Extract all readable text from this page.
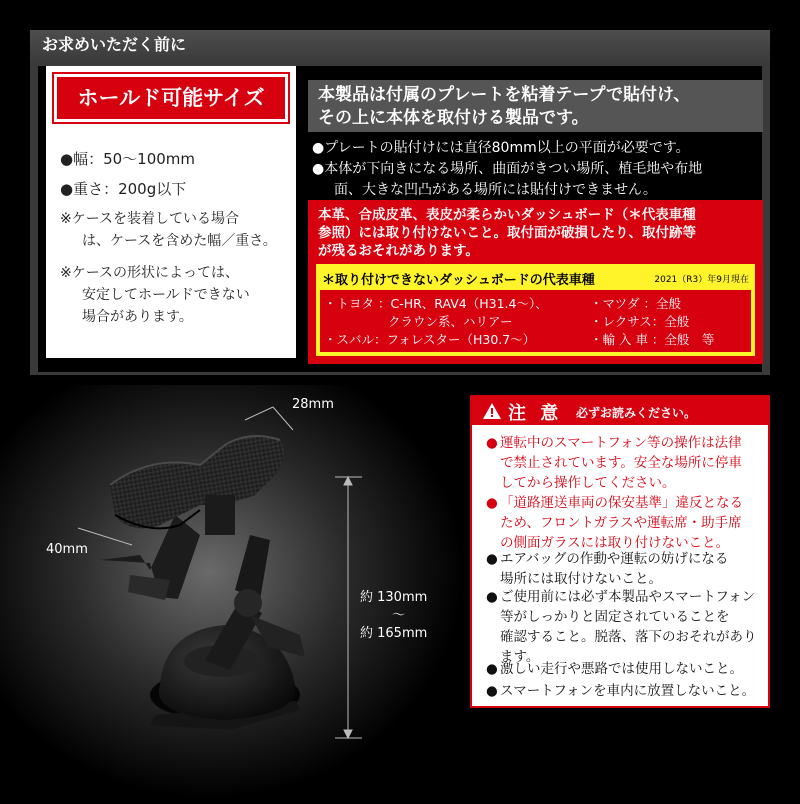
お求めいただく前に
ホールド可能サイズ
●幅：50〜100mm
●重さ：200g以下
※ケースを装着している場合
は、ケースを含めた幅／重さ。
※ケースの形状によっては、
安定してホールドできない
場合があります。
本製品は付属のプレートを粘着テープで貼付け、
その上に本体を取付ける製品です。
●プレートの貼付けには直径80mm以上の平面が必要です。
●本体が下向きになる場所、曲面がきつい場所、植毛地や布地
面、大きな凹凸がある場所には貼付けできません。
本革、合成皮革、表皮が柔らかいダッシュボード（＊代表車種
参照）には取り付けないこと。取付面が破損したり、取付跡等
が残るおそれがあります。
＊取り付けできないダッシュボードの代表車種	2021（R3）年9月現在
・トヨタ ：C-HR、RAV4（H31.4〜）、
クラウン系、ハリアー
・スバル：フォレスター（H30.7〜）
・マツダ ：全般
・レクサス：全般
・輸 入 車 ：全般　等
28mm
40mm
約 130mm
〜
約 165mm
注 意 必ずお読みください。
● 運転中のスマートフォン等の操作は法律
で禁止されています。安全な場所に停車
してから操作してください。
● 「道路運送車両の保安基準」違反となる
ため、フロントガラスや運転席・助手席
の側面ガラスには取り付けないこと。
● エアバッグの作動や運転の妨げになる
場所には取付けないこと。
● ご使用前には必ず本製品やスマートフォン
等がしっかりと固定されていることを
確認すること。脱落、落下のおそれがあり
ます。
● 激しい走行や悪路では使用しないこと。
● スマートフォンを車内に放置しないこと。
